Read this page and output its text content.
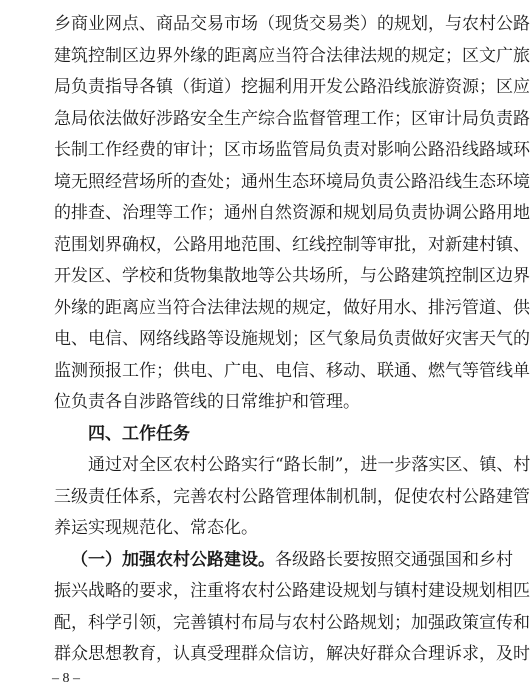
乡商业网点、商品交易市场（现货交易类）的规划，与农村公路
建筑控制区边界外缘的距离应当符合法律法规的规定；区文广旅
局负责指导各镇（街道）挖掘利用开发公路沿线旅游资源；区应
急局依法做好涉路安全生产综合监督管理工作；区审计局负责路
长制工作经费的审计；区市场监管局负责对影响公路沿线路域环
境无照经营场所的查处；通州生态环境局负责公路沿线生态环境
的排查、治理等工作；通州自然资源和规划局负责协调公路用地
范围划界确权，公路用地范围、红线控制等审批，对新建村镇、
开发区、学校和货物集散地等公共场所，与公路建筑控制区边界
外缘的距离应当符合法律法规的规定，做好用水、排污管道、供
电、电信、网络线路等设施规划；区气象局负责做好灾害天气的
监测预报工作；供电、广电、电信、移动、联通、燃气等管线单
位负责各自涉路管线的日常维护和管理。
四、工作任务
通过对全区农村公路实行“路长制”，进一步落实区、镇、村
三级责任体系，完善农村公路管理体制机制，促使农村公路建管
养运实现规范化、常态化。
（一）加强农村公路建设。各级路长要按照交通强国和乡村
振兴战略的要求，注重将农村公路建设规划与镇村建设规划相匹
配，科学引领，完善镇村布局与农村公路规划；加强政策宣传和
群众思想教育，认真受理群众信访，解决好群众合理诉求，及时
– 8 –
